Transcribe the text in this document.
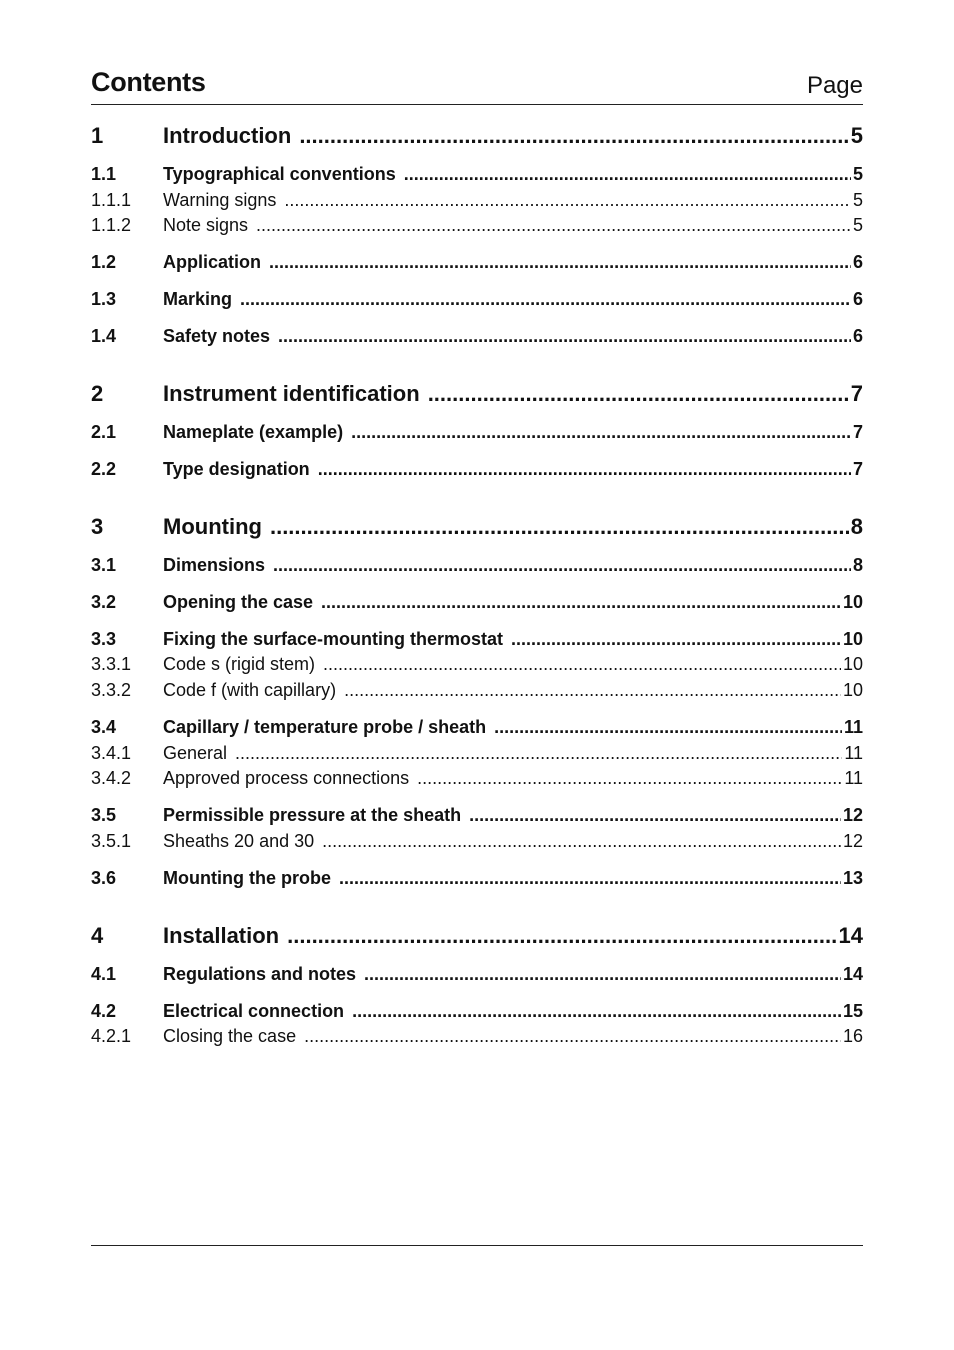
Contents	Page
1	Introduction .....	5
1.1	Typographical conventions .....	5
1.1.1	Warning signs .....	5
1.1.2	Note signs .....	5
1.2	Application .....	6
1.3	Marking .....	6
1.4	Safety notes .....	6
2	Instrument identification .....	7
2.1	Nameplate (example) .....	7
2.2	Type designation .....	7
3	Mounting .....	8
3.1	Dimensions .....	8
3.2	Opening the case .....	10
3.3	Fixing the surface-mounting thermostat .....	10
3.3.1	Code s (rigid stem) .....	10
3.3.2	Code f (with capillary) .....	10
3.4	Capillary / temperature probe / sheath .....	11
3.4.1	General .....	11
3.4.2	Approved process connections .....	11
3.5	Permissible pressure at the sheath .....	12
3.5.1	Sheaths 20 and 30 .....	12
3.6	Mounting the probe .....	13
4	Installation .....	14
4.1	Regulations and notes .....	14
4.2	Electrical connection .....	15
4.2.1	Closing the case .....	16
